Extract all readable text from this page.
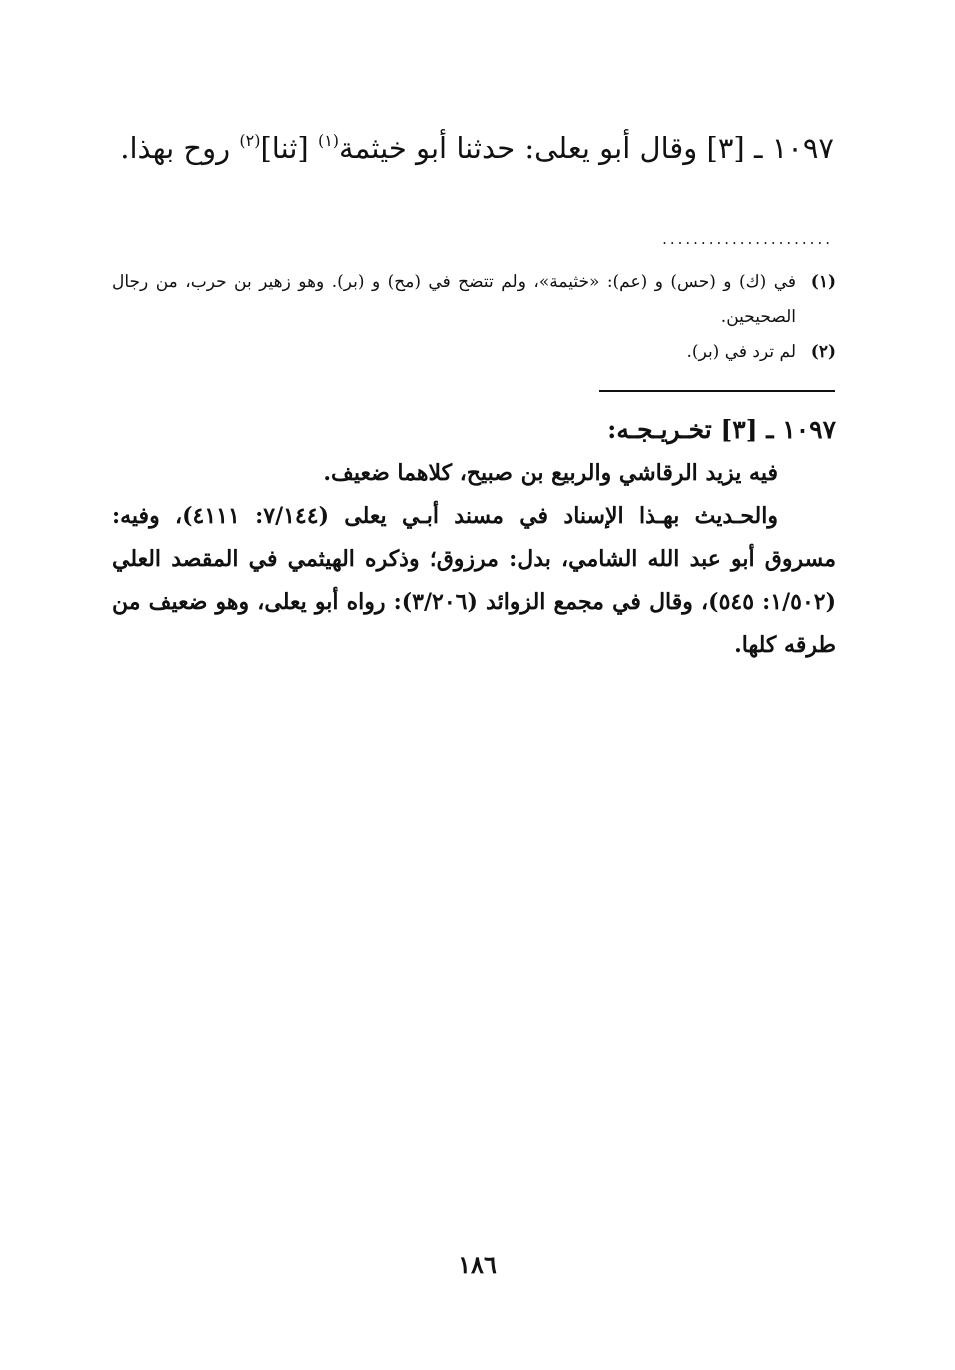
١٠٩٧ ـ [٣] وقال أبو يعلى: حدثنا أبو خيثمة$^{(١)}$ [ثنا]$^{(٢)}$ روح بهذا.
......................
(١)
في (ك) و (حس) و (عم): «خثيمة»، ولم تتضح في (مح) و (بر). وهو زهير بن حرب، من رجال الصحيحين.
(٢)
لم ترد في (بر).
١٠٩٧ ـ [٣] تخـريـجـه:
فيه يزيد الرقاشي والربيع بن صبيح، كلاهما ضعيف.
والحـديث بهـذا الإسناد في مسند أبـي يعلى (٧/١٤٤: ٤١١١)، وفيه: مسروق أبو عبد الله الشامي، بدل: مرزوق؛ وذكره الهيثمي في المقصد العلي (١/٥٠٢: ٥٤٥)، وقال في مجمع الزوائد (٣/٢٠٦): رواه أبو يعلى، وهو ضعيف من طرقه كلها.
١٨٦
